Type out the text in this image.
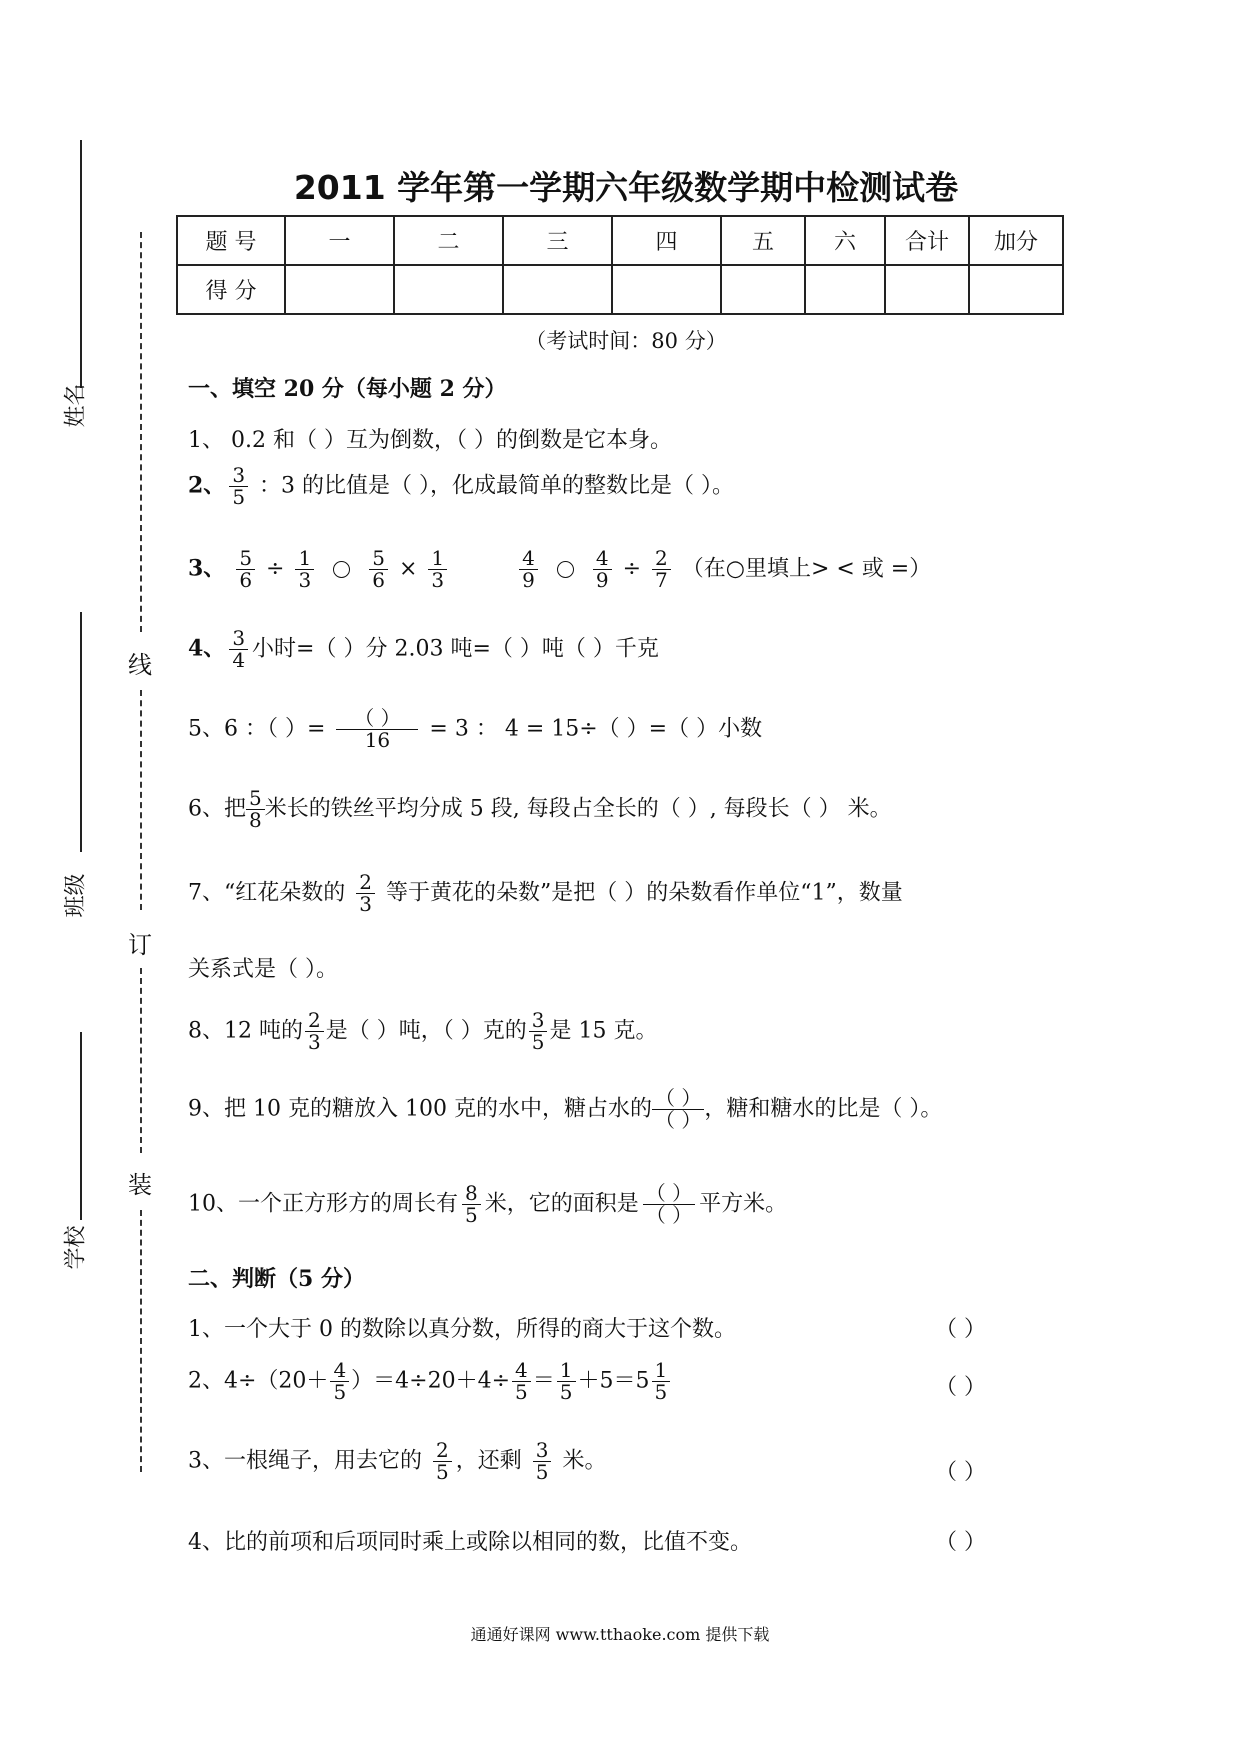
姓名
班级
学校
线
订
装
2011 学年第一学期六年级数学期中检测试卷
题 号	一	二	三	四	五	六	合计	加分
得 分								
（考试时间：80 分）
一、填空 20 分（每小题 2 分）
1、 0.2 和（ ）互为倒数，（ ）的倒数是它本身。
2、 $\frac{3}{5}$ ：3 的比值是（ ），化成最简单的整数比是（ ）。
3、 $\frac{5}{6} \div \frac{1}{3}$
	$\frac{5}{6} \times \frac{1}{3}$
	$\frac{4}{9}$
	$\frac{4}{9} \div \frac{2}{7}$ （在○里填上> < 或 =）
4、 $\frac{3}{4}$ 小时=（ ）分 2.03 吨=（ ）吨（ ）千克
5、6 ：（ ）= $\frac{( )}{16} = 3$ ： 4 = 15÷（ ）=（ ）小数
6、把 $\frac{5}{8}$ 米长的铁丝平均分成 5 段, 每段占全长的（ ）, 每段长（ ） 米。
7、“红花朵数的 $\frac{2}{3}$ 等于黄花的朵数”是把（ ）的朵数看作单位“1”，数量
关系式是（ ）。
8、12 吨的 $\frac{2}{3}$ 是（ ）吨，（ ）克的 $\frac{3}{5}$ 是 15 克。
9、把 10 克的糖放入 100 克的水中，糖占水的 $\frac{( )}{( )}$ ，糖和糖水的比是（ ）。
10、一个正方形方的周长有 $\frac{8}{5}$ 米，它的面积是 $\frac{( )}{( )}$ 平方米。
二、判断（5 分）
1、一个大于 0 的数除以真分数，所得的商大于这个数。	（ ）
2、$4\div(20+ \frac{4}{5} )=4\div 20+4\div \frac{4}{5} = \frac{1}{5} +5=5 \frac{1}{5}$	（ ）
3、一根绳子，用去它的 $\frac{2}{5}$ ，还剩 $\frac{3}{5}$ 米。	（ ）
4、比的前项和后项同时乘上或除以相同的数，比值不变。	（ ）
通通好课网 www.tthaoke.com 提供下载
